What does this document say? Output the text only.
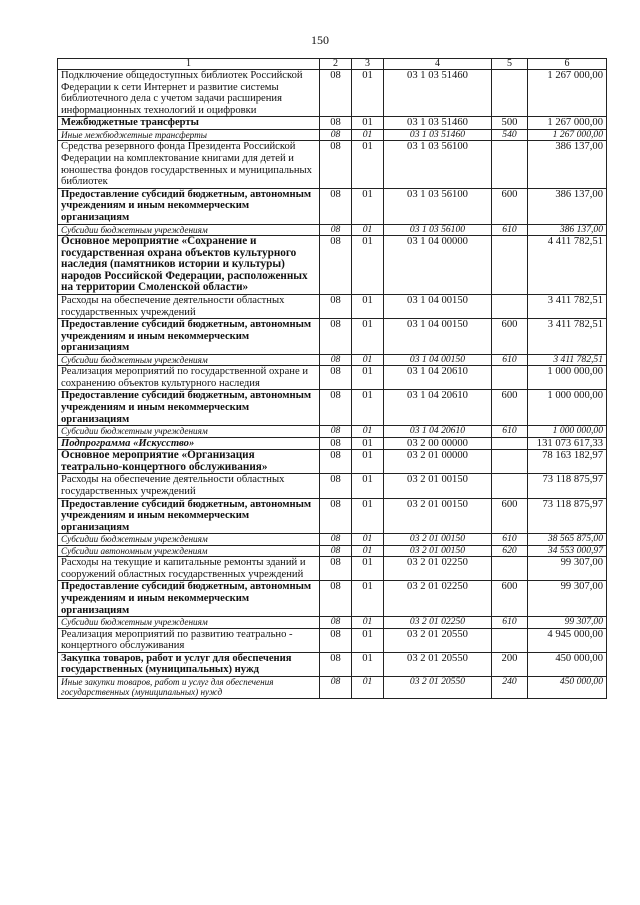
150
1	2	3	4	5	6
Подключение общедоступных библиотек Российской Федерации к сети Интернет и развитие системы библиотечного дела с учетом задачи расширения информационных технологий и оцифровки	08	01	03 1 03 51460		1 267 000,00
Межбюджетные трансферты	08	01	03 1 03 51460	500	1 267 000,00
Иные межбюджетные трансферты	08	01	03 1 03 51460	540	1 267 000,00
Средства резервного фонда Президента Российской Федерации на комплектование книгами для детей и юношества фондов государственных и муниципальных библиотек	08	01	03 1 03 56100		386 137,00
Предоставление субсидий бюджетным, автономным учреждениям и иным некоммерческим организациям	08	01	03 1 03 56100	600	386 137,00
Субсидии бюджетным учреждениям	08	01	03 1 03 56100	610	386 137,00
Основное мероприятие «Сохранение и государственная охрана объектов культурного наследия (памятников истории и культуры) народов Российской Федерации, расположенных на территории Смоленской области»	08	01	03 1 04 00000		4 411 782,51
Расходы на обеспечение деятельности областных государственных учреждений	08	01	03 1 04 00150		3 411 782,51
Предоставление субсидий бюджетным, автономным учреждениям и иным некоммерческим организациям	08	01	03 1 04 00150	600	3 411 782,51
Субсидии бюджетным учреждениям	08	01	03 1 04 00150	610	3 411 782,51
Реализация мероприятий по государственной охране и сохранению объектов культурного наследия	08	01	03 1 04 20610		1 000 000,00
Предоставление субсидий бюджетным, автономным учреждениям и иным некоммерческим организациям	08	01	03 1 04 20610	600	1 000 000,00
Субсидии бюджетным учреждениям	08	01	03 1 04 20610	610	1 000 000,00
Подпрограмма «Искусство»	08	01	03 2 00 00000		131 073 617,33
Основное мероприятие «Организация театрально-концертного обслуживания»	08	01	03 2 01 00000		78 163 182,97
Расходы на обеспечение деятельности областных государственных учреждений	08	01	03 2 01 00150		73 118 875,97
Предоставление субсидий бюджетным, автономным учреждениям и иным некоммерческим организациям	08	01	03 2 01 00150	600	73 118 875,97
Субсидии бюджетным учреждениям	08	01	03 2 01 00150	610	38 565 875,00
Субсидии автономным учреждениям	08	01	03 2 01 00150	620	34 553 000,97
Расходы на текущие и капитальные ремонты зданий и сооружений областных государственных учреждений	08	01	03 2 01 02250		99 307,00
Предоставление субсидий бюджетным, автономным учреждениям и иным некоммерческим организациям	08	01	03 2 01 02250	600	99 307,00
Субсидии бюджетным учреждениям	08	01	03 2 01 02250	610	99 307,00
Реализация мероприятий по развитию театрально - концертного обслуживания	08	01	03 2 01 20550		4 945 000,00
Закупка товаров, работ и услуг для обеспечения государственных (муниципальных) нужд	08	01	03 2 01 20550	200	450 000,00
Иные закупки товаров, работ и услуг для обеспечения государственных (муниципальных) нужд	08	01	03 2 01 20550	240	450 000,00
